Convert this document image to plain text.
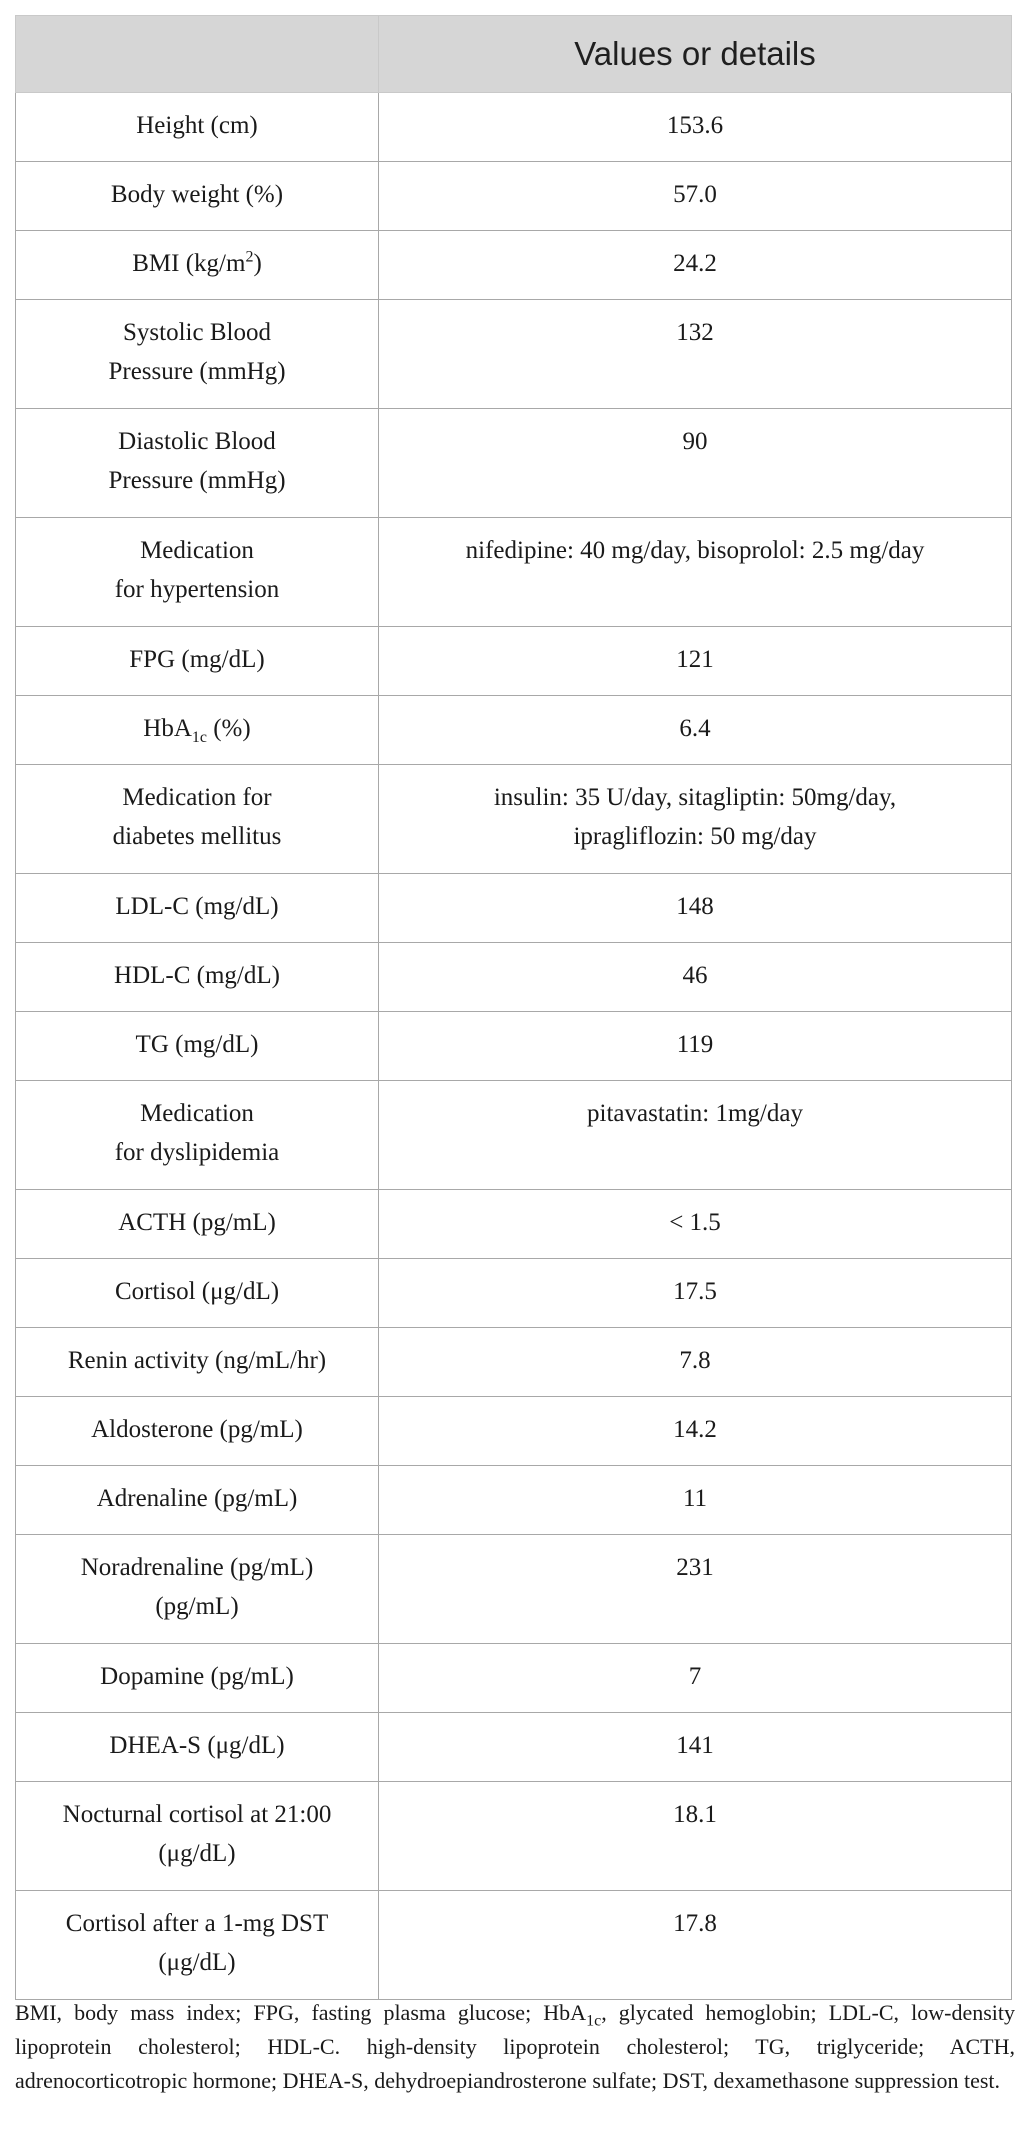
	Values or details
Height (cm)	153.6
Body weight (%)	57.0
BMI $(kg/m^2)$	24.2
Systolic Blood
Pressure (mmHg)	132
Diastolic Blood
Pressure (mmHg)	90
Medication
for hypertension	nifedipine: 40 mg/day, bisoprolol: 2.5 mg/day
FPG (mg/dL)	121
HbA$_{1c}$ (%)	6.4
Medication for
diabetes mellitus	insulin: 35 U/day, sitagliptin: 50mg/day,
ipragliflozin: 50 mg/day
LDL-C (mg/dL)	148
HDL-C (mg/dL)	46
TG (mg/dL)	119
Medication
for dyslipidemia	pitavastatin: 1mg/day
ACTH (pg/mL)	< 1.5
Cortisol (μg/dL)	17.5
Renin activity (ng/mL/hr)	7.8
Aldosterone (pg/mL)	14.2
Adrenaline (pg/mL)	11
Noradrenaline (pg/mL)
(pg/mL)	231
Dopamine (pg/mL)	7
DHEA-S (μg/dL)	141
Nocturnal cortisol at 21:00
(μg/dL)	18.1
Cortisol after a 1-mg DST
(μg/dL)	17.8
BMI, body mass index; FPG, fasting plasma glucose; HbA$_{1c}$, glycated hemoglobin; LDL-C, low-density lipoprotein cholesterol; HDL-C. high-density lipoprotein cholesterol; TG, triglyceride; ACTH, adrenocorticotropic hormone; DHEA-S, dehydroepiandrosterone sulfate; DST, dexamethasone suppression test.
